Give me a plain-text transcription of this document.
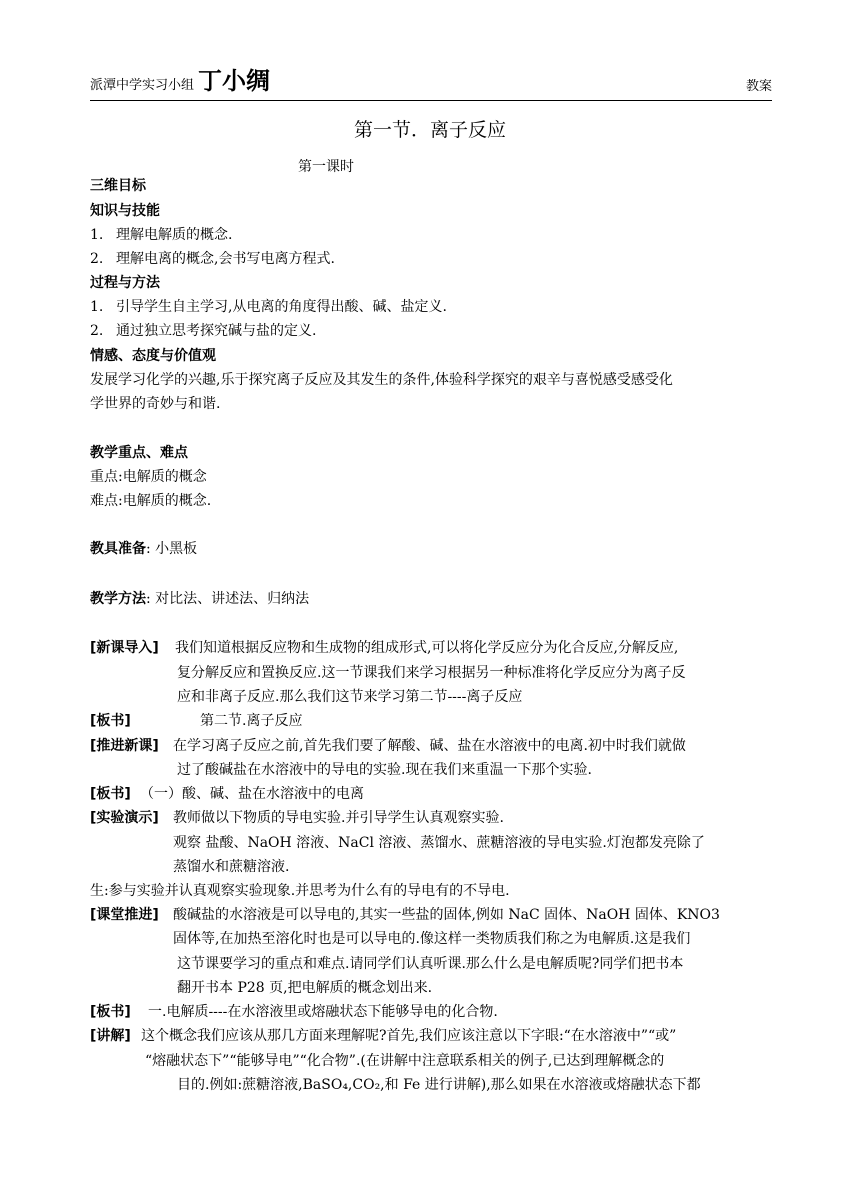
派潭中学实习小组 丁小绸	教案
第一节．离子反应
第一课时
三维目标
知识与技能
1. 理解电解质的概念.
2. 理解电离的概念,会书写电离方程式.
过程与方法
1. 引导学生自主学习,从电离的角度得出酸、碱、盐定义.
2. 通过独立思考探究碱与盐的定义.
情感、态度与价值观
发展学习化学的兴趣,乐于探究离子反应及其发生的条件,体验科学探究的艰辛与喜悦感受感受化
学世界的奇妙与和谐.
教学重点、难点
重点:电解质的概念
难点:电解质的概念.
教具准备: 小黑板
教学方法: 对比法、讲述法、归纳法
[新课导入] 我们知道根据反应物和生成物的组成形式,可以将化学反应分为化合反应,分解反应,
复分解反应和置换反应.这一节课我们来学习根据另一种标准将化学反应分为离子反
应和非离子反应.那么我们这节来学习第二节----离子反应
[板书]	第二节.离子反应
[推进新课] 在学习离子反应之前,首先我们要了解酸、碱、盐在水溶液中的电离.初中时我们就做
过了酸碱盐在水溶液中的导电的实验.现在我们来重温一下那个实验.
[板书] （一）酸、碱、盐在水溶液中的电离
[实验演示] 教师做以下物质的导电实验.并引导学生认真观察实验.
观察 盐酸、NaOH 溶液、NaCl 溶液、蒸馏水、蔗糖溶液的导电实验.灯泡都发亮除了
蒸馏水和蔗糖溶液.
生:参与实验并认真观察实验现象.并思考为什么有的导电有的不导电.
[课堂推进] 酸碱盐的水溶液是可以导电的,其实一些盐的固体,例如 NaC 固体、NaOH 固体、KNO3
固体等,在加热至溶化时也是可以导电的.像这样一类物质我们称之为电解质.这是我们
这节课要学习的重点和难点.请同学们认真听课.那么什么是电解质呢?同学们把书本
翻开书本 P28 页,把电解质的概念划出来.
[板书] 一.电解质----在水溶液里或熔融状态下能够导电的化合物.
[讲解] 这个概念我们应该从那几方面来理解呢?首先,我们应该注意以下字眼:“在水溶液中”“或”
“熔融状态下”“能够导电”“化合物”.(在讲解中注意联系相关的例子,已达到理解概念的
目的.例如:蔗糖溶液,BaSO₄,CO₂,和 Fe 进行讲解),那么如果在水溶液或熔融状态下都
